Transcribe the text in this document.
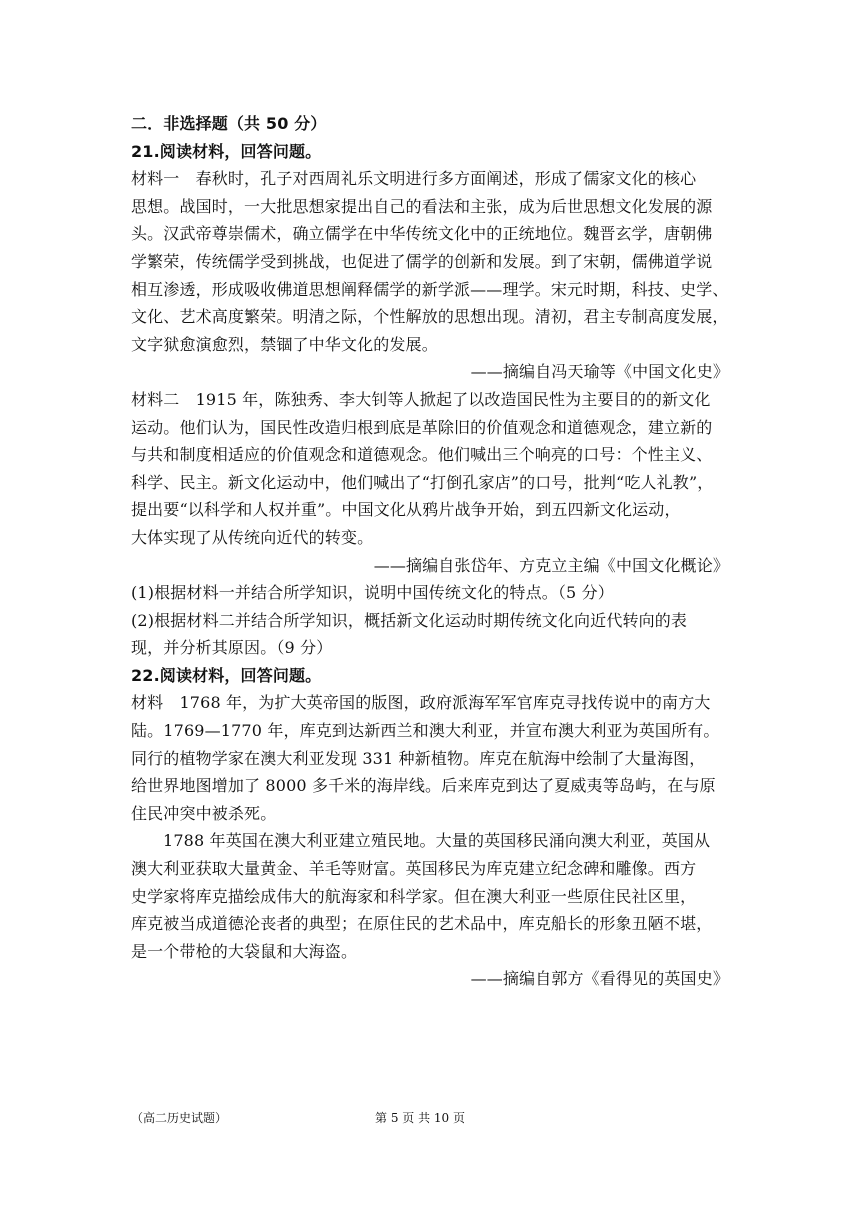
二．非选择题（共 50 分）
21.阅读材料，回答问题。
材料一　春秋时，孔子对西周礼乐文明进行多方面阐述，形成了儒家文化的核心
思想。战国时，一大批思想家提出自己的看法和主张，成为后世思想文化发展的源
头。汉武帝尊崇儒术，确立儒学在中华传统文化中的正统地位。魏晋玄学，唐朝佛
学繁荣，传统儒学受到挑战，也促进了儒学的创新和发展。到了宋朝，儒佛道学说
相互渗透，形成吸收佛道思想阐释儒学的新学派——理学。宋元时期，科技、史学、
文化、艺术高度繁荣。明清之际，个性解放的思想出现。清初，君主专制高度发展，
文字狱愈演愈烈，禁锢了中华文化的发展。
——摘编自冯天瑜等《中国文化史》
材料二　1915 年，陈独秀、李大钊等人掀起了以改造国民性为主要目的的新文化
运动。他们认为，国民性改造归根到底是革除旧的价值观念和道德观念，建立新的
与共和制度相适应的价值观念和道德观念。他们喊出三个响亮的口号：个性主义、
科学、民主。新文化运动中，他们喊出了“打倒孔家店”的口号，批判“吃人礼教”，
提出要“以科学和人权并重”。中国文化从鸦片战争开始，到五四新文化运动，
大体实现了从传统向近代的转变。
——摘编自张岱年、方克立主编《中国文化概论》
(1)根据材料一并结合所学知识，说明中国传统文化的特点。（5 分）
(2)根据材料二并结合所学知识，概括新文化运动时期传统文化向近代转向的表
现，并分析其原因。（9 分）
22.阅读材料，回答问题。
材料　1768 年，为扩大英帝国的版图，政府派海军军官库克寻找传说中的南方大
陆。1769—1770 年，库克到达新西兰和澳大利亚，并宣布澳大利亚为英国所有。
同行的植物学家在澳大利亚发现 331 种新植物。库克在航海中绘制了大量海图，
给世界地图增加了 8000 多千米的海岸线。后来库克到达了夏威夷等岛屿，在与原
住民冲突中被杀死。
1788 年英国在澳大利亚建立殖民地。大量的英国移民涌向澳大利亚，英国从
澳大利亚获取大量黄金、羊毛等财富。英国移民为库克建立纪念碑和雕像。西方
史学家将库克描绘成伟大的航海家和科学家。但在澳大利亚一些原住民社区里，
库克被当成道德沦丧者的典型；在原住民的艺术品中，库克船长的形象丑陋不堪，
是一个带枪的大袋鼠和大海盗。
——摘编自郭方《看得见的英国史》
（高二历史试题）	第 5 页 共 10 页
